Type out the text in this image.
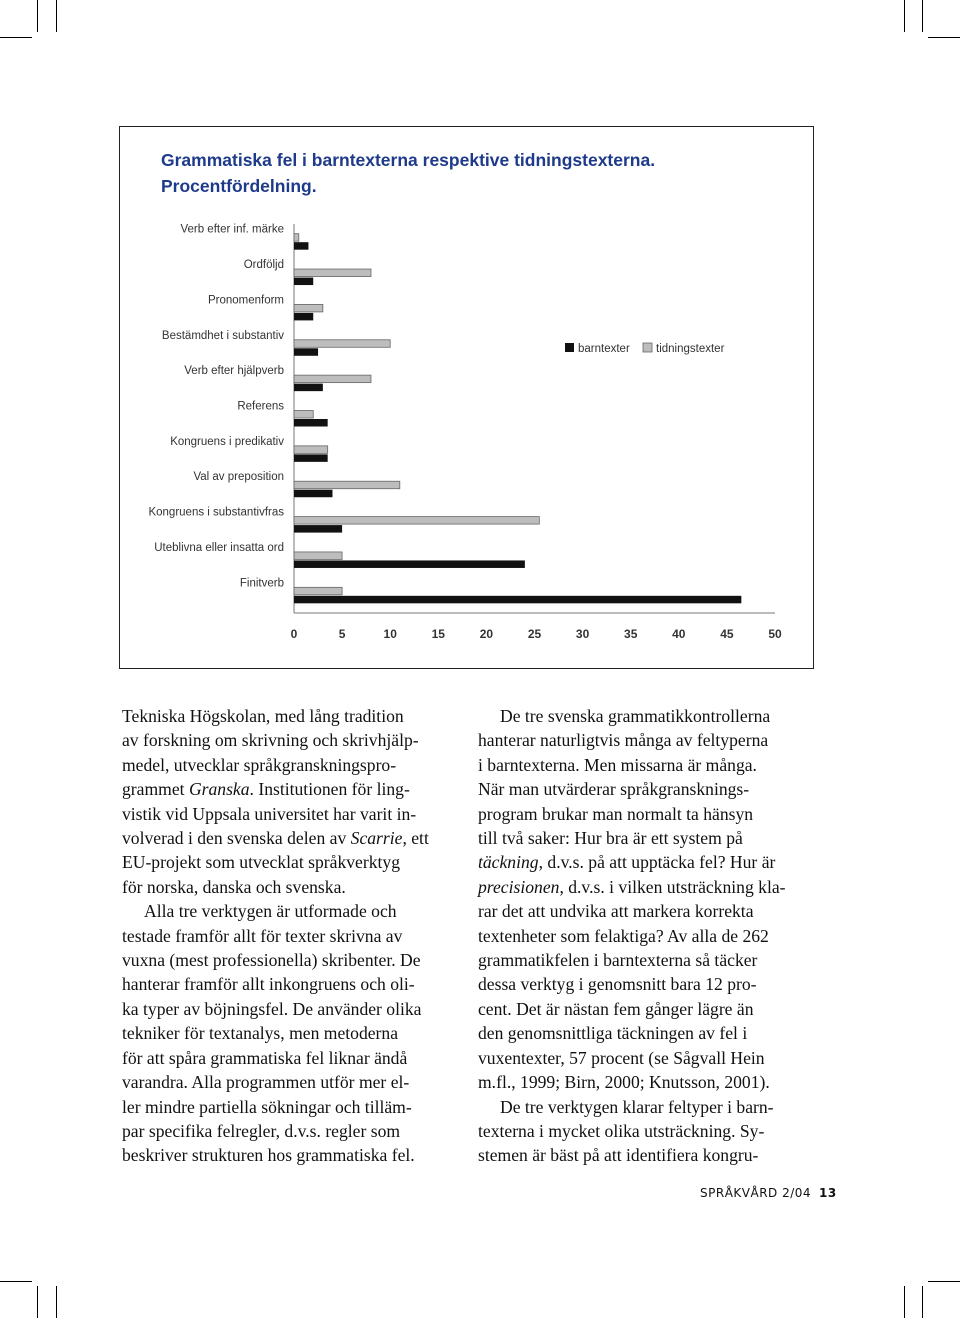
Grammatiska fel i barntexterna respektive tidningstexterna.
Procentfördelning.
0	5	10	15	20	25	30	35	40	45	50
Verb efter inf. märke
Ordföljd
Pronomenform
Bestämdhet i substantiv
Verb efter hjälpverb
Referens
Kongruens i predikativ
Val av preposition
Kongruens i substantivfras
Uteblivna eller insatta ord
Finitverb
barntexter tidningstexter

Tekniska Högskolan, med lång tradition
av forskning om skrivning och skrivhjälp-
medel, utvecklar språkgranskningspro-
grammet Granska. Institutionen för ling-
vistik vid Uppsala universitet har varit in-
volverad i den svenska delen av Scarrie, ett
EU-projekt som utvecklat språkverktyg
för norska, danska och svenska.

Alla tre verktygen är utformade och
testade framför allt för texter skrivna av
vuxna (mest professionella) skribenter. De
hanterar framför allt inkongruens och oli-
ka typer av böjningsfel. De använder olika
tekniker för textanalys, men metoderna
för att spåra grammatiska fel liknar ändå
varandra. Alla programmen utför mer el-
ler mindre partiella sökningar och tilläm-
par specifika felregler, d.v.s. regler som
beskriver strukturen hos grammatiska fel.

De tre svenska grammatikkontrollerna
hanterar naturligtvis många av feltyperna
i barntexterna. Men missarna är många.
När man utvärderar språkgransknings-
program brukar man normalt ta hänsyn
till två saker: Hur bra är ett system på
täckning, d.v.s. på att upptäcka fel? Hur är
precisionen, d.v.s. i vilken utsträckning kla-
rar det att undvika att markera korrekta
textenheter som felaktiga? Av alla de 262
grammatikfelen i barntexterna så täcker
dessa verktyg i genomsnitt bara 12 pro-
cent. Det är nästan fem gånger lägre än
den genomsnittliga täckningen av fel i
vuxentexter, 57 procent (se Sågvall Hein
m.fl., 1999; Birn, 2000; Knutsson, 2001).

De tre verktygen klarar feltyper i barn-
texterna i mycket olika utsträckning. Sy-
stemen är bäst på att identifiera kongru-

SPRÅKVÅRD 2/04 13
